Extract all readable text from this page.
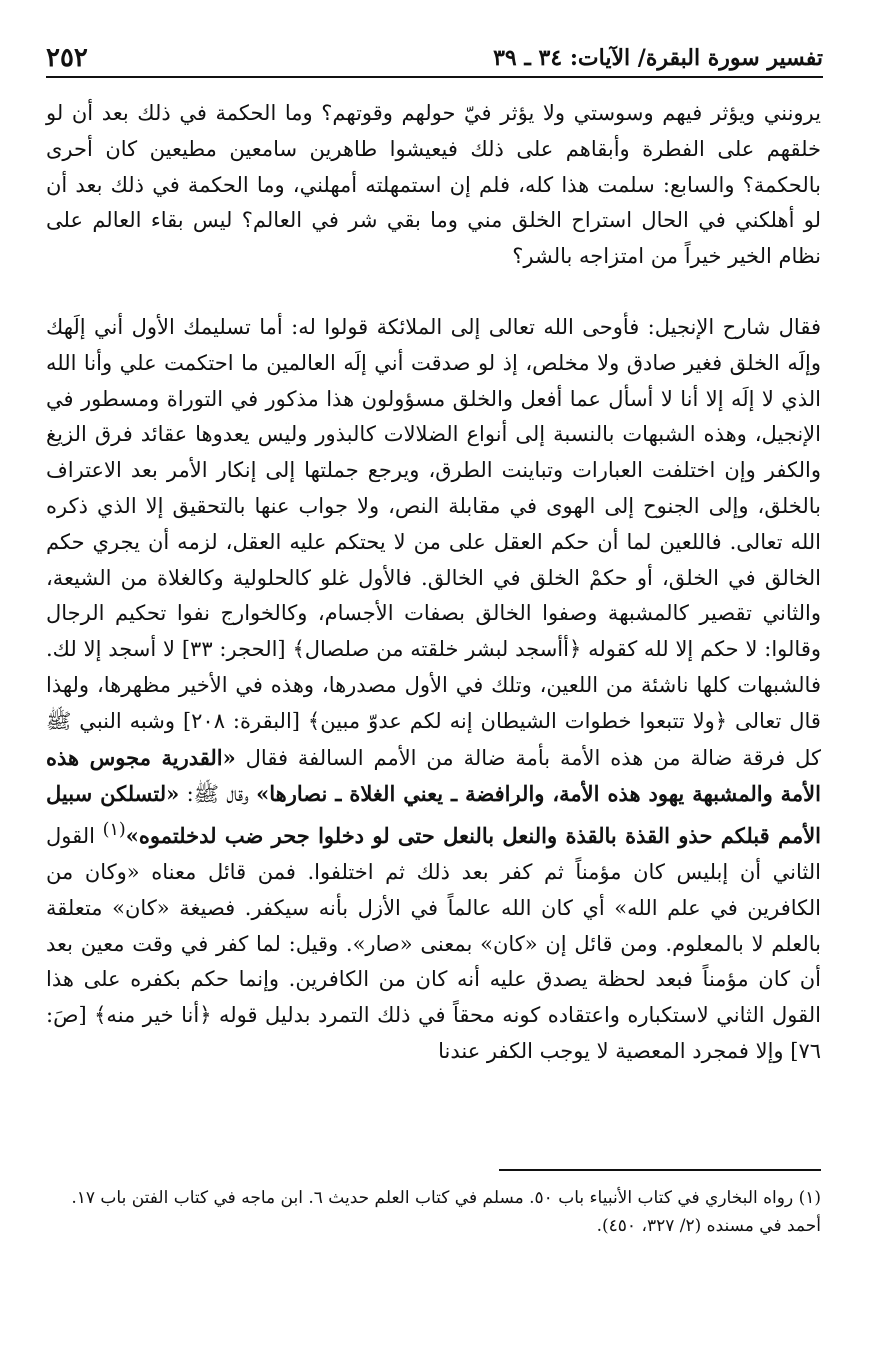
٢٥٢	تفسير سورة البقرة/ الآيات: ٣٤ ـ ٣٩

يرونني ويؤثر فيهم وسوستي ولا يؤثر فيّ حولهم وقوتهم؟ وما الحكمة في ذلك بعد أن لو خلقهم على الفطرة وأبقاهم على ذلك فيعيشوا طاهرين سامعين مطيعين كان أحرى بالحكمة؟ والسابع: سلمت هذا كله، فلم إن استمهلته أمهلني، وما الحكمة في ذلك بعد أن لو أهلكني في الحال استراح الخلق مني وما بقي شر في العالم؟ ليس بقاء العالم على نظام الخير خيراً من امتزاجه بالشر؟

فقال شارح الإنجيل: فأوحى الله تعالى إلى الملائكة قولوا له: أما تسليمك الأول أني إلَهك وإلَه الخلق فغير صادق ولا مخلص، إذ لو صدقت أني إلَه العالمين ما احتكمت علي وأنا الله الذي لا إلَه إلا أنا لا أسأل عما أفعل والخلق مسؤولون هذا مذكور في التوراة ومسطور في الإنجيل، وهذه الشبهات بالنسبة إلى أنواع الضلالات كالبذور وليس يعدوها عقائد فرق الزيغ والكفر وإن اختلفت العبارات وتباينت الطرق، ويرجع جملتها إلى إنكار الأمر بعد الاعتراف بالخلق، وإلى الجنوح إلى الهوى في مقابلة النص، ولا جواب عنها بالتحقيق إلا الذي ذكره الله تعالى. فاللعين لما أن حكم العقل على من لا يحتكم عليه العقل، لزمه أن يجري حكم الخالق في الخلق، أو حكمْ الخلق في الخالق. فالأول غلو كالحلولية وكالغلاة من الشيعة، والثاني تقصير كالمشبهة وصفوا الخالق بصفات الأجسام، وكالخوارج نفوا تحكيم الرجال وقالوا: لا حكم إلا لله كقوله ﴿أأسجد لبشر خلقته من صلصال﴾ [الحجر: ٣٣] لا أسجد إلا لك. فالشبهات كلها ناشئة من اللعين، وتلك في الأول مصدرها، وهذه في الأخير مظهرها، ولهذا قال تعالى ﴿ولا تتبعوا خطوات الشيطان إنه لكم عدوّ مبين﴾ [البقرة: ٢٠٨] وشبه النبي ﷺ كل فرقة ضالة من هذه الأمة بأمة ضالة من الأمم السالفة فقال «القدرية مجوس هذه الأمة والمشبهة يهود هذه الأمة، والرافضة ـ يعني الغلاة ـ نصارها» وقال ﷺ: «لتسلكن سبيل الأمم قبلكم حذو القذة بالقذة والنعل بالنعل حتى لو دخلوا جحر ضب لدخلتموه»$^{(١)}$ القول الثاني أن إبليس كان مؤمناً ثم كفر بعد ذلك ثم اختلفوا. فمن قائل معناه «وكان من الكافرين في علم الله» أي كان الله عالماً في الأزل بأنه سيكفر. فصيغة «كان» متعلقة بالعلم لا بالمعلوم. ومن قائل إن «كان» بمعنى «صار». وقيل: لما كفر في وقت معين بعد أن كان مؤمناً فبعد لحظة يصدق عليه أنه كان من الكافرين. وإنما حكم بكفره على هذا القول الثاني لاستكباره واعتقاده كونه محقاً في ذلك التمرد بدليل قوله ﴿أنا خير منه﴾ [صَ: ٧٦] وإلا فمجرد المعصية لا يوجب الكفر عندنا

(١) رواه البخاري في كتاب الأنبياء باب ٥٠. مسلم في كتاب العلم حديث ٦. ابن ماجه في كتاب الفتن باب ١٧. أحمد في مسنده (٢/ ٣٢٧، ٤٥٠).
